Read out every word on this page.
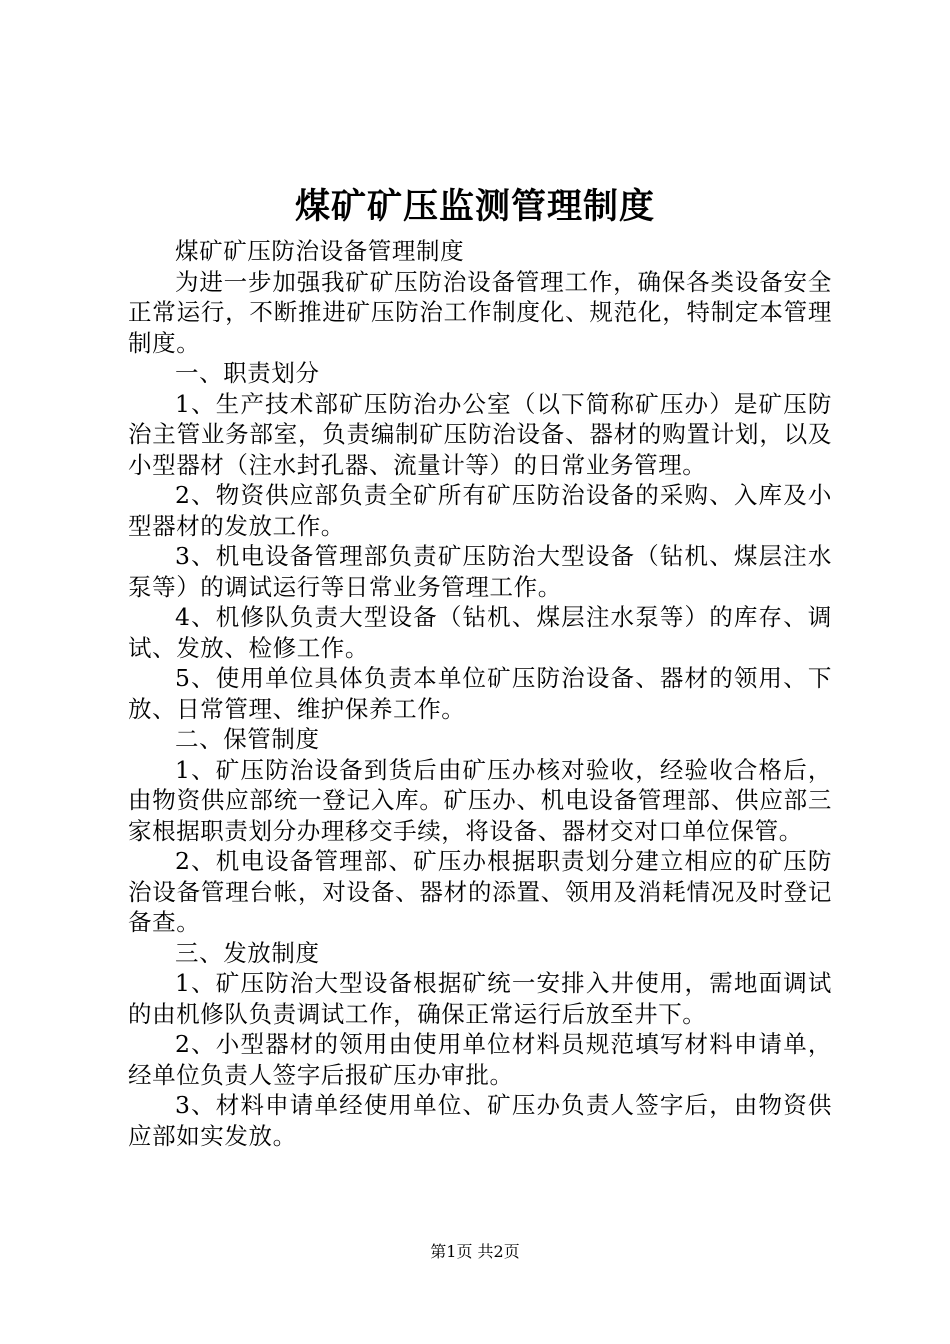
煤矿矿压监测管理制度

煤矿矿压防治设备管理制度

为进一步加强我矿矿压防治设备管理工作，确保各类设备安全正常运行，不断推进矿压防治工作制度化、规范化，特制定本管理制度。

一、职责划分

1、生产技术部矿压防治办公室（以下简称矿压办）是矿压防治主管业务部室，负责编制矿压防治设备、器材的购置计划，以及小型器材（注水封孔器、流量计等）的日常业务管理。

2、物资供应部负责全矿所有矿压防治设备的采购、入库及小型器材的发放工作。

3、机电设备管理部负责矿压防治大型设备（钻机、煤层注水泵等）的调试运行等日常业务管理工作。

4、机修队负责大型设备（钻机、煤层注水泵等）的库存、调试、发放、检修工作。

5、使用单位具体负责本单位矿压防治设备、器材的领用、下放、日常管理、维护保养工作。

二、保管制度

1、矿压防治设备到货后由矿压办核对验收，经验收合格后，由物资供应部统一登记入库。矿压办、机电设备管理部、供应部三家根据职责划分办理移交手续，将设备、器材交对口单位保管。

2、机电设备管理部、矿压办根据职责划分建立相应的矿压防治设备管理台帐，对设备、器材的添置、领用及消耗情况及时登记备查。

三、发放制度

1、矿压防治大型设备根据矿统一安排入井使用，需地面调试的由机修队负责调试工作，确保正常运行后放至井下。

2、小型器材的领用由使用单位材料员规范填写材料申请单，经单位负责人签字后报矿压办审批。

3、材料申请单经使用单位、矿压办负责人签字后，由物资供应部如实发放。

第1页 共2页
